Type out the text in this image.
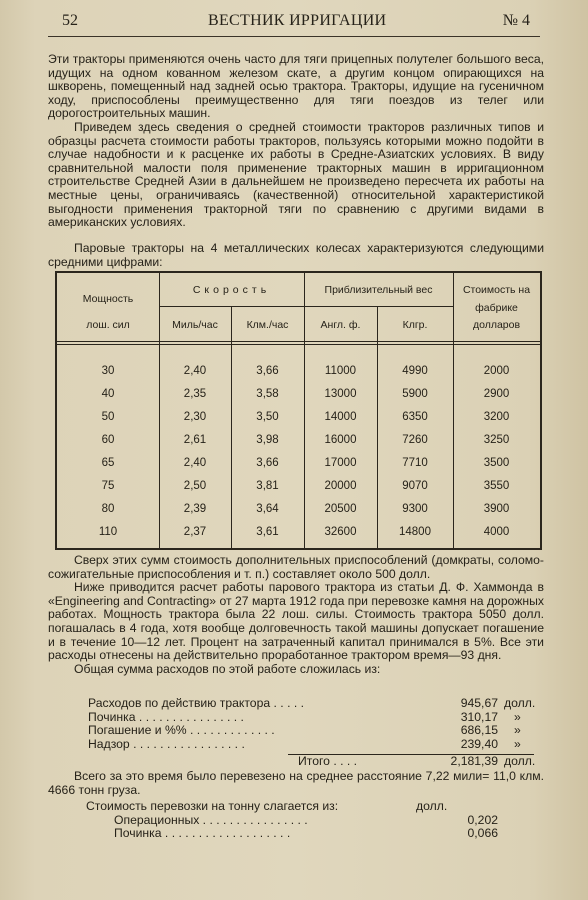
52	ВЕСТНИК ИРРИГАЦИИ	№ 4

Эти тракторы применяются очень часто для тяги прицепных полутелег большого веса, идущих на одном ковaнном железом скате, а другим концом опирающихся на шкворень, помещенный над задней осью трактора. Тракторы, идущие на гусеничном ходу, приспособлены преимущественно для тяги поездов из телег или дорогостроительных машин.

Приведем здесь сведения о средней стоимости тракторов различных типов и образцы расчета стоимости работы тракторов, пользуясь которыми можно подойти в случае надобности и к расценке их работы в Средне-Азиатских условиях. В виду сравнительной малости поля применение тракторных машин в ирригационном строительстве Средней Азии в дальнейшем не произведено пересчета их работы на местные цены, ограничиваясь (качественной) относительной характеристикой выгодности применения тракторной тяги по сравнению с другими видами в американских условиях.

Паровые тракторы на 4 металлических колесах характеризуются следующими средними цифрами:

Мощность
лош. сил
Скорость
Миль/час	Клм./час
Приблизительный вес
Англ. ф.	Клгр.
Стоимость на
фабрике
долларов
30	2,40	3,66	11000	4990	2000
40	2,35	3,58	13000	5900	2900
50	2,30	3,50	14000	6350	3200
60	2,61	3,98	16000	7260	3250
65	2,40	3,66	17000	7710	3500
75	2,50	3,81	20000	9070	3550
80	2,39	3,64	20500	9300	3900
110	2,37	3,61	32600	14800	4000

Сверх этих сумм стоимость дополнительных приспособлений (домкраты, соломо-сожигательные приспособления и т. п.) составляет около 500 долл.

Ниже приводится расчет работы парового трактора из статьи Д. Ф. Хаммонда в «Engineering and Contracting» от 27 марта 1912 года при перевозке камня на дорожных работах. Мощность трактора была 22 лош. силы. Стоимость трактора 5050 долл. погашалась в 4 года, хотя вообще долговечность такой машины допускает погашение и в течение 10—12 лет. Процент на затраченный капитал принимался в 5%. Все эти расходы отнесены на действительно проработанное трактором время—93 дня.

Общая сумма расходов по этой работе сложилась из:

Расходов по действию трактора . . . . .	945,67 долл.
Починка . . . . . . . . . . . . . . . .	310,17 »
Погашение и %% . . . . . . . . . . . . .	686,15 »
Надзор . . . . . . . . . . . . . . . . .	239,40 »
Итого . . . .	2,181,39 долл.

Всего за это время было перевезено на среднее расстояние 7,22 мили= 11,0 клм. 4666 тонн груза.

Стоимость перевозки на тонну слагается из:	долл.
Операционных . . . . . . . . . . . . . . . .	0,202
Починка . . . . . . . . . . . . . . . . . . .	0,066
